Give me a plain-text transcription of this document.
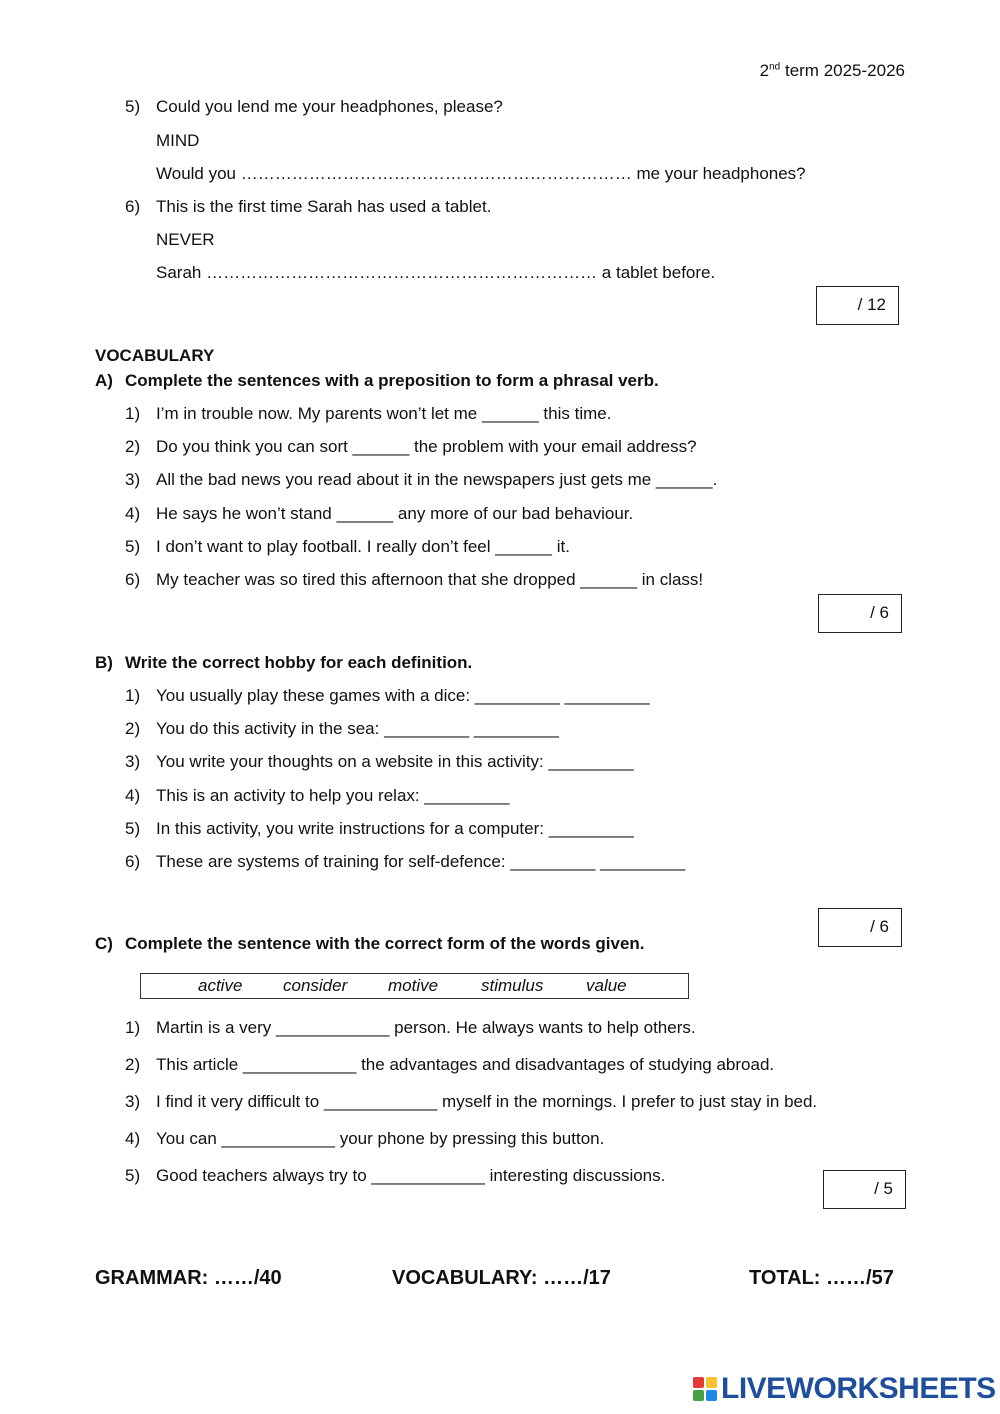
2nd term 2025-2026
5) Could you lend me your headphones, please?
MIND
Would you …………………………………………………………… me your headphones?
6) This is the first time Sarah has used a tablet.
NEVER
Sarah …………………………………………………………… a tablet before.
/ 12
VOCABULARY
A) Complete the sentences with a preposition to form a phrasal verb.
1) I’m in trouble now. My parents won’t let me ______ this time.
2) Do you think you can sort ______ the problem with your email address?
3) All the bad news you read about it in the newspapers just gets me ______.
4) He says he won’t stand ______ any more of our bad behaviour.
5) I don’t want to play football. I really don’t feel ______ it.
6) My teacher was so tired this afternoon that she dropped ______ in class!
/ 6
B) Write the correct hobby for each definition.
1) You usually play these games with a dice: _________ _________
2) You do this activity in the sea: _________ _________
3) You write your thoughts on a website in this activity: _________
4) This is an activity to help you relax: _________
5) In this activity, you write instructions for a computer: _________
6) These are systems of training for self-defence: _________ _________
/ 6
C) Complete the sentence with the correct form of the words given.
active consider motive	stimulus	value
1) Martin is a very ____________ person. He always wants to help others.
2) This article ____________ the advantages and disadvantages of studying abroad.
3) I find it very difficult to ____________ myself in the mornings. I prefer to just stay in bed.
4) You can ____________ your phone by pressing this button.
5) Good teachers always try to ____________ interesting discussions.
/ 5
GRAMMAR: ……/40	VOCABULARY: ……/17	TOTAL: ……/57
LIVEWORKSHEETS
